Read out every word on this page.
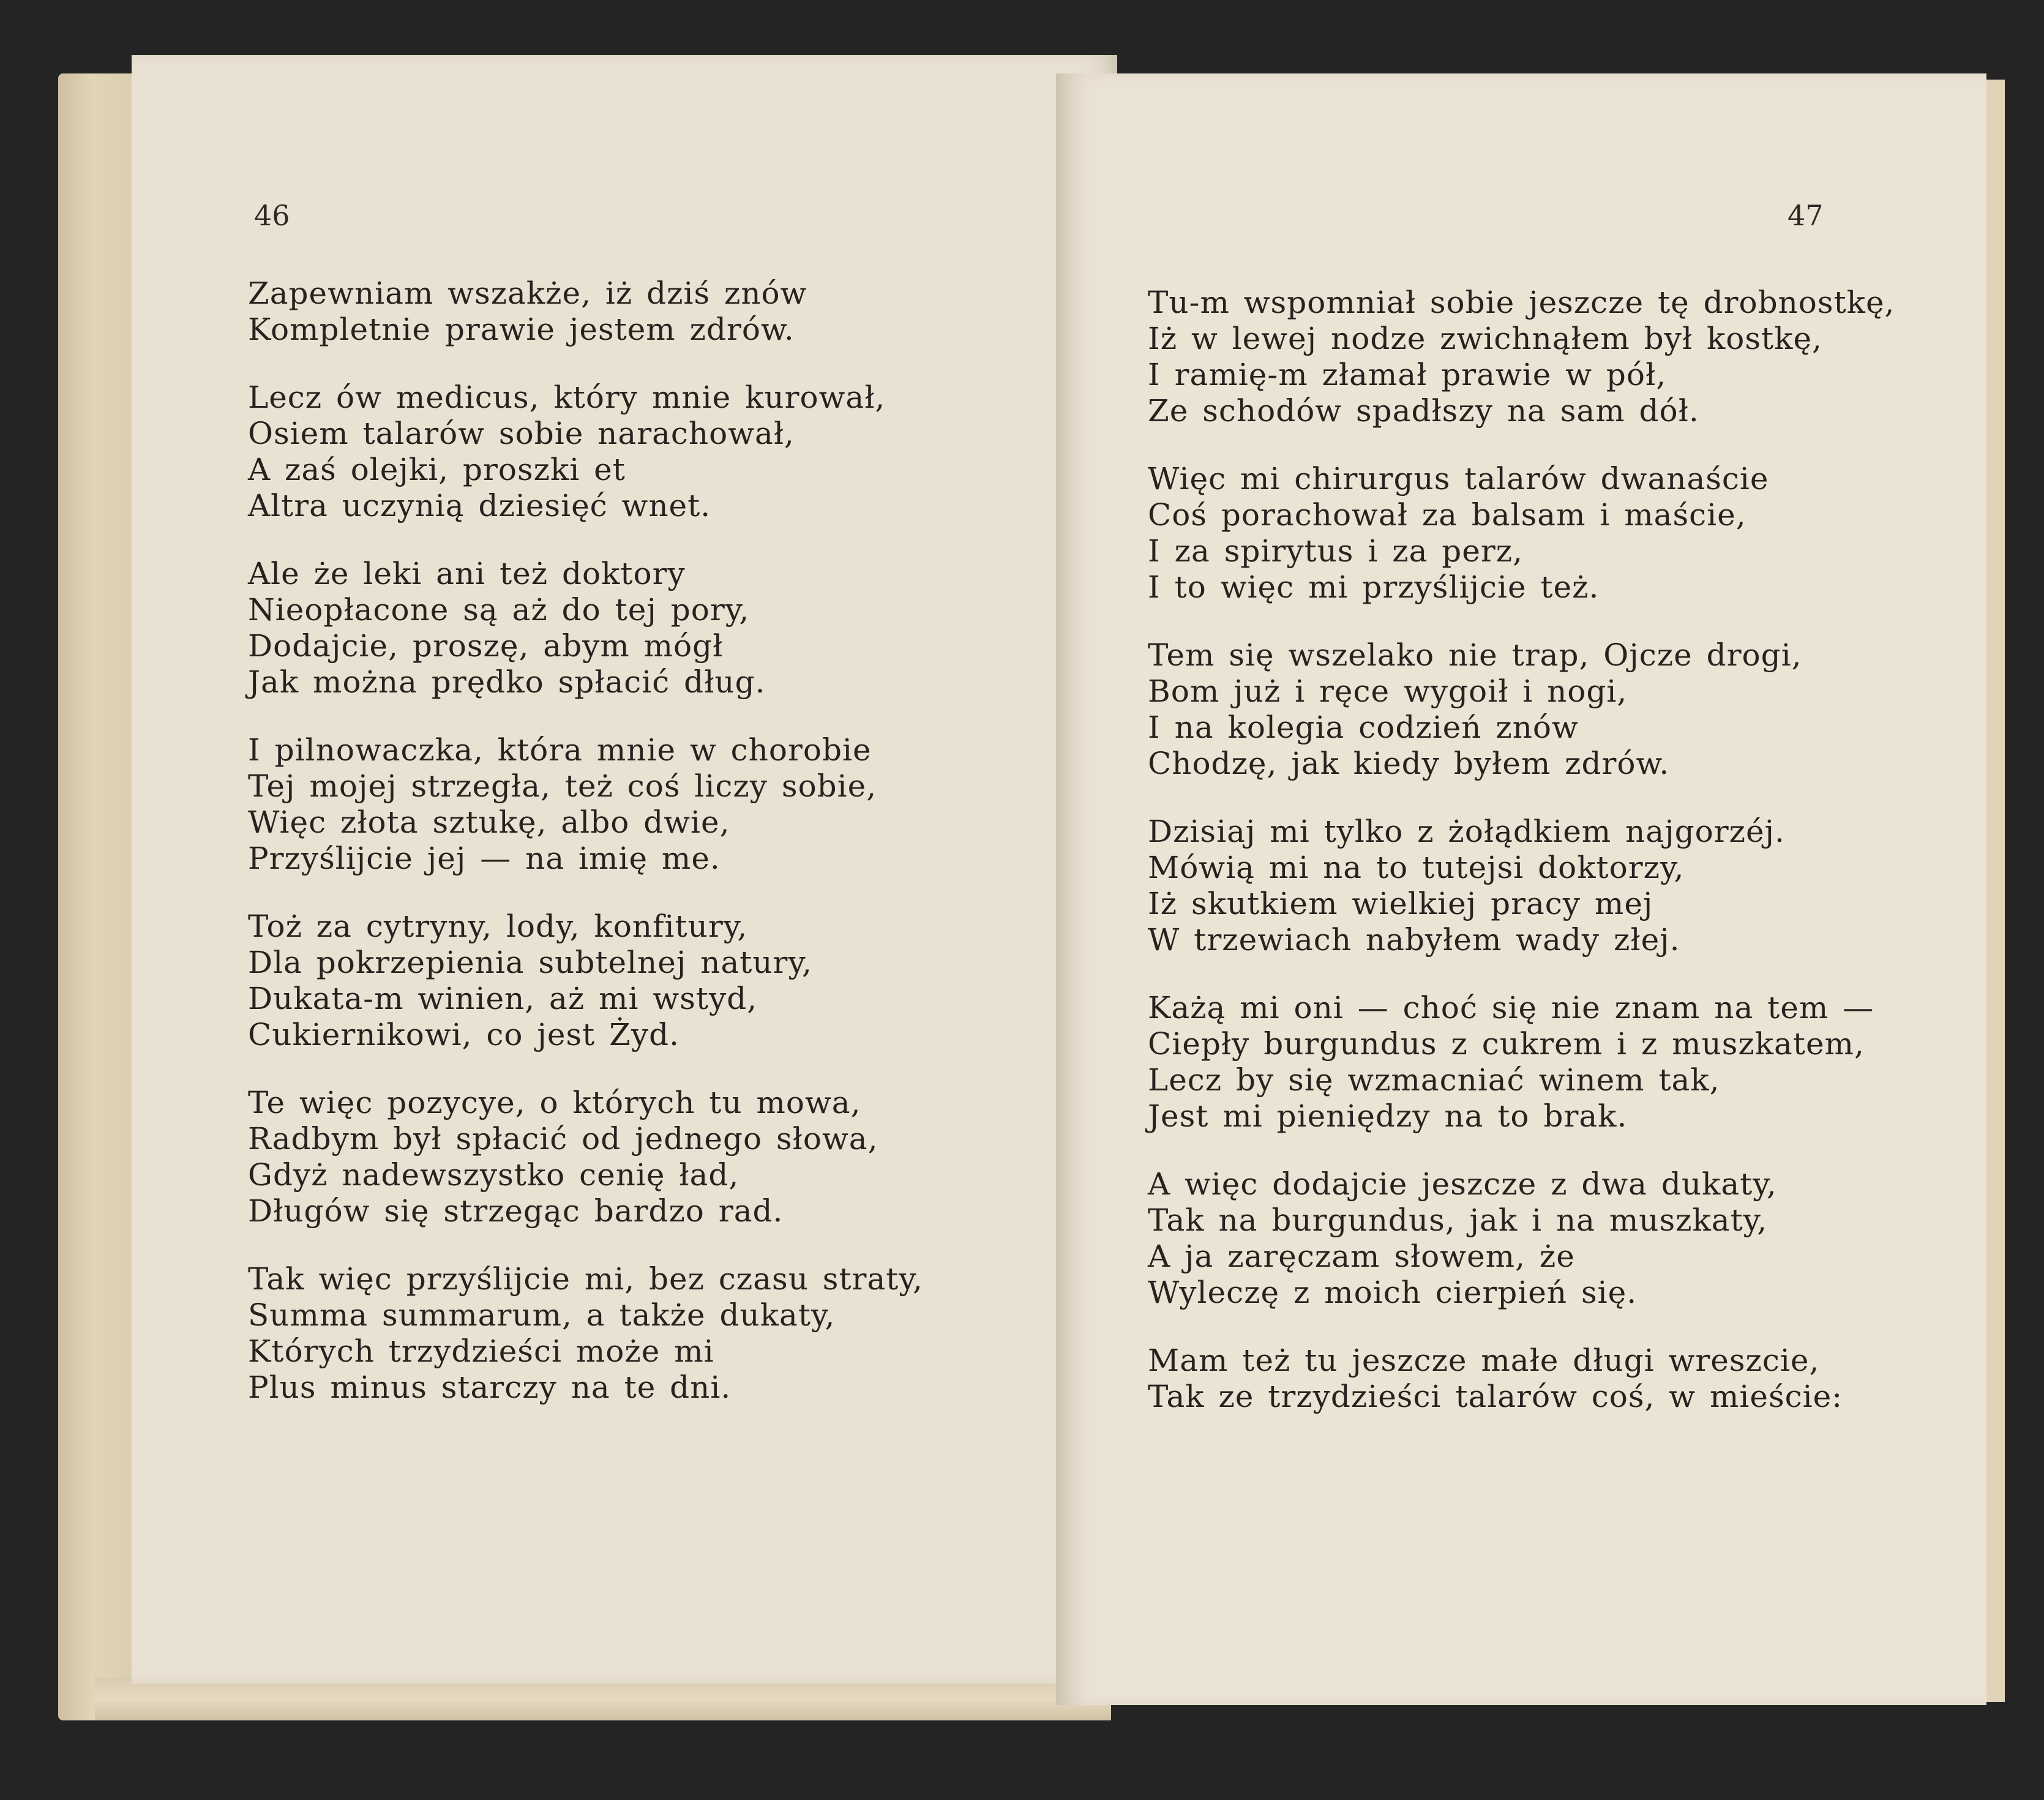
46

Zapewniam wszakże, iż dziś znów
Kompletnie prawie jestem zdrów.

Lecz ów medicus, który mnie kurował,
Osiem talarów sobie narachował,
A zaś olejki, proszki et
Altra uczynią dziesięć wnet.

Ale że leki ani też doktory
Nieopłacone są aż do tej pory,
Dodajcie, proszę, abym mógł
Jak można prędko spłacić dług.

I pilnowaczka, która mnie w chorobie
Tej mojej strzegła, też coś liczy sobie,
Więc złota sztukę, albo dwie,
Przyślijcie jej — na imię me.

Toż za cytryny, lody, konfitury,
Dla pokrzepienia subtelnej natury,
Dukata-m winien, aż mi wstyd,
Cukiernikowi, co jest Żyd.

Te więc pozycye, o których tu mowa,
Radbym był spłacić od jednego słowa,
Gdyż nadewszystko cenię ład,
Długów się strzegąc bardzo rad.

Tak więc przyślijcie mi, bez czasu straty,
Summa summarum, a także dukaty,
Których trzydzieści może mi
Plus minus starczy na te dni.

47

Tu-m wspomniał sobie jeszcze tę drobnostkę,
Iż w lewej nodze zwichnąłem był kostkę,
I ramię-m złamał prawie w pół,
Ze schodów spadłszy na sam dół.

Więc mi chirurgus talarów dwanaście
Coś porachował za balsam i maście,
I za spirytus i za perz,
I to więc mi przyślijcie też.

Tem się wszelako nie trap, Ojcze drogi,
Bom już i ręce wygoił i nogi,
I na kolegia codzień znów
Chodzę, jak kiedy byłem zdrów.

Dzisiaj mi tylko z żołądkiem najgorzéj.
Mówią mi na to tutejsi doktorzy,
Iż skutkiem wielkiej pracy mej
W trzewiach nabyłem wady złej.

Każą mi oni — choć się nie znam na tem —
Ciepły burgundus z cukrem i z muszkatem,
Lecz by się wzmacniać winem tak,
Jest mi pieniędzy na to brak.

A więc dodajcie jeszcze z dwa dukaty,
Tak na burgundus, jak i na muszkaty,
A ja zaręczam słowem, że
Wyleczę z moich cierpień się.

Mam też tu jeszcze małe długi wreszcie,
Tak ze trzydzieści talarów coś, w mieście:
